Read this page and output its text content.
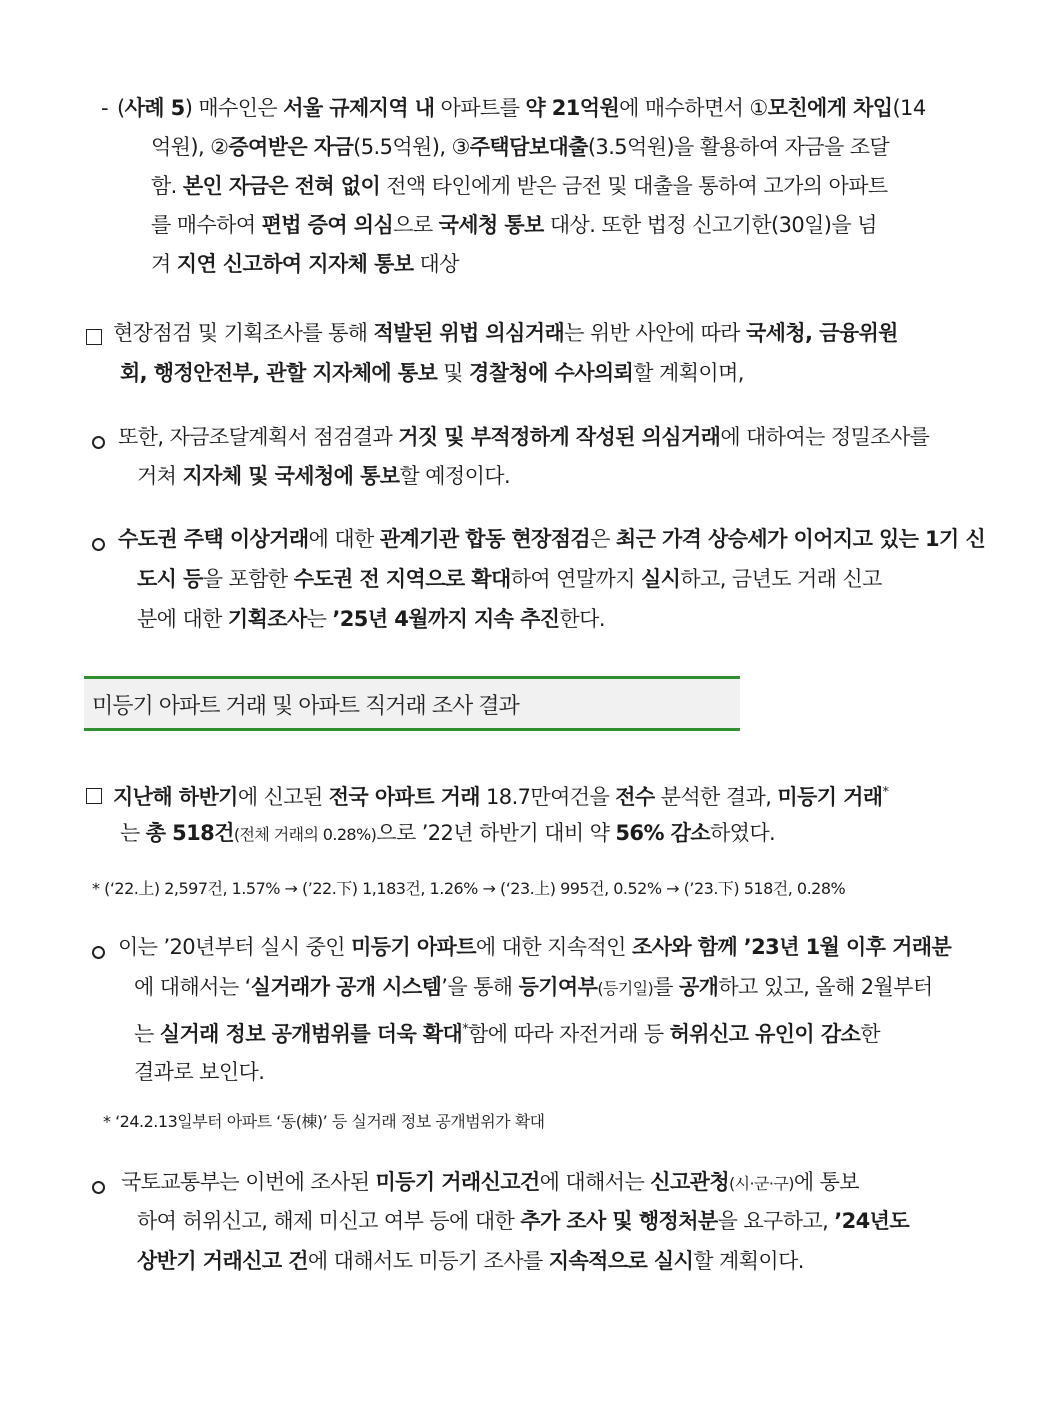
- (사례 5) 매수인은 서울 규제지역 내 아파트를 약 21억원에 매수하면서 ①모친에게 차입(14
억원), ②증여받은 자금(5.5억원), ③주택담보대출(3.5억원)을 활용하여 자금을 조달
함. 본인 자금은 전혀 없이 전액 타인에게 받은 금전 및 대출을 통하여 고가의 아파트
를 매수하여 편법 증여 의심으로 국세청 통보 대상. 또한 법정 신고기한(30일)을 넘
겨 지연 신고하여 지자체 통보 대상
현장점검 및 기획조사를 통해 적발된 위법 의심거래는 위반 사안에 따라 국세청, 금융위원
회, 행정안전부, 관할 지자체에 통보 및 경찰청에 수사의뢰할 계획이며,
또한, 자금조달계획서 점검결과 거짓 및 부적정하게 작성된 의심거래에 대하여는 정밀조사를
거쳐 지자체 및 국세청에 통보할 예정이다.
수도권 주택 이상거래에 대한 관계기관 합동 현장점검은 최근 가격 상승세가 이어지고 있는 1기 신
도시 등을 포함한 수도권 전 지역으로 확대하여 연말까지 실시하고, 금년도 거래 신고
분에 대한 기획조사는 ’25년 4월까지 지속 추진한다.
미등기 아파트 거래 및 아파트 직거래 조사 결과
지난해 하반기에 신고된 전국 아파트 거래 18.7만여건을 전수 분석한 결과, 미등기 거래*
는 총 518건(전체 거래의 0.28%)으로 ’22년 하반기 대비 약 56% 감소하였다.
* (‘22.上) 2,597건, 1.57% → (’22.下) 1,183건, 1.26% → (‘23.上) 995건, 0.52% → (’23.下) 518건, 0.28%
이는 ’20년부터 실시 중인 미등기 아파트에 대한 지속적인 조사와 함께 ’23년 1월 이후 거래분
에 대해서는 ‘실거래가 공개 시스템’을 통해 등기여부(등기일)를 공개하고 있고, 올해 2월부터
는 실거래 정보 공개범위를 더욱 확대*함에 따라 자전거래 등 허위신고 유인이 감소한
결과로 보인다.
* ‘24.2.13일부터 아파트 ‘동(棟)’ 등 실거래 정보 공개범위가 확대
국토교통부는 이번에 조사된 미등기 거래신고건에 대해서는 신고관청(시·군·구)에 통보
하여 허위신고, 해제 미신고 여부 등에 대한 추가 조사 및 행정처분을 요구하고, ’24년도
상반기 거래신고 건에 대해서도 미등기 조사를 지속적으로 실시할 계획이다.
